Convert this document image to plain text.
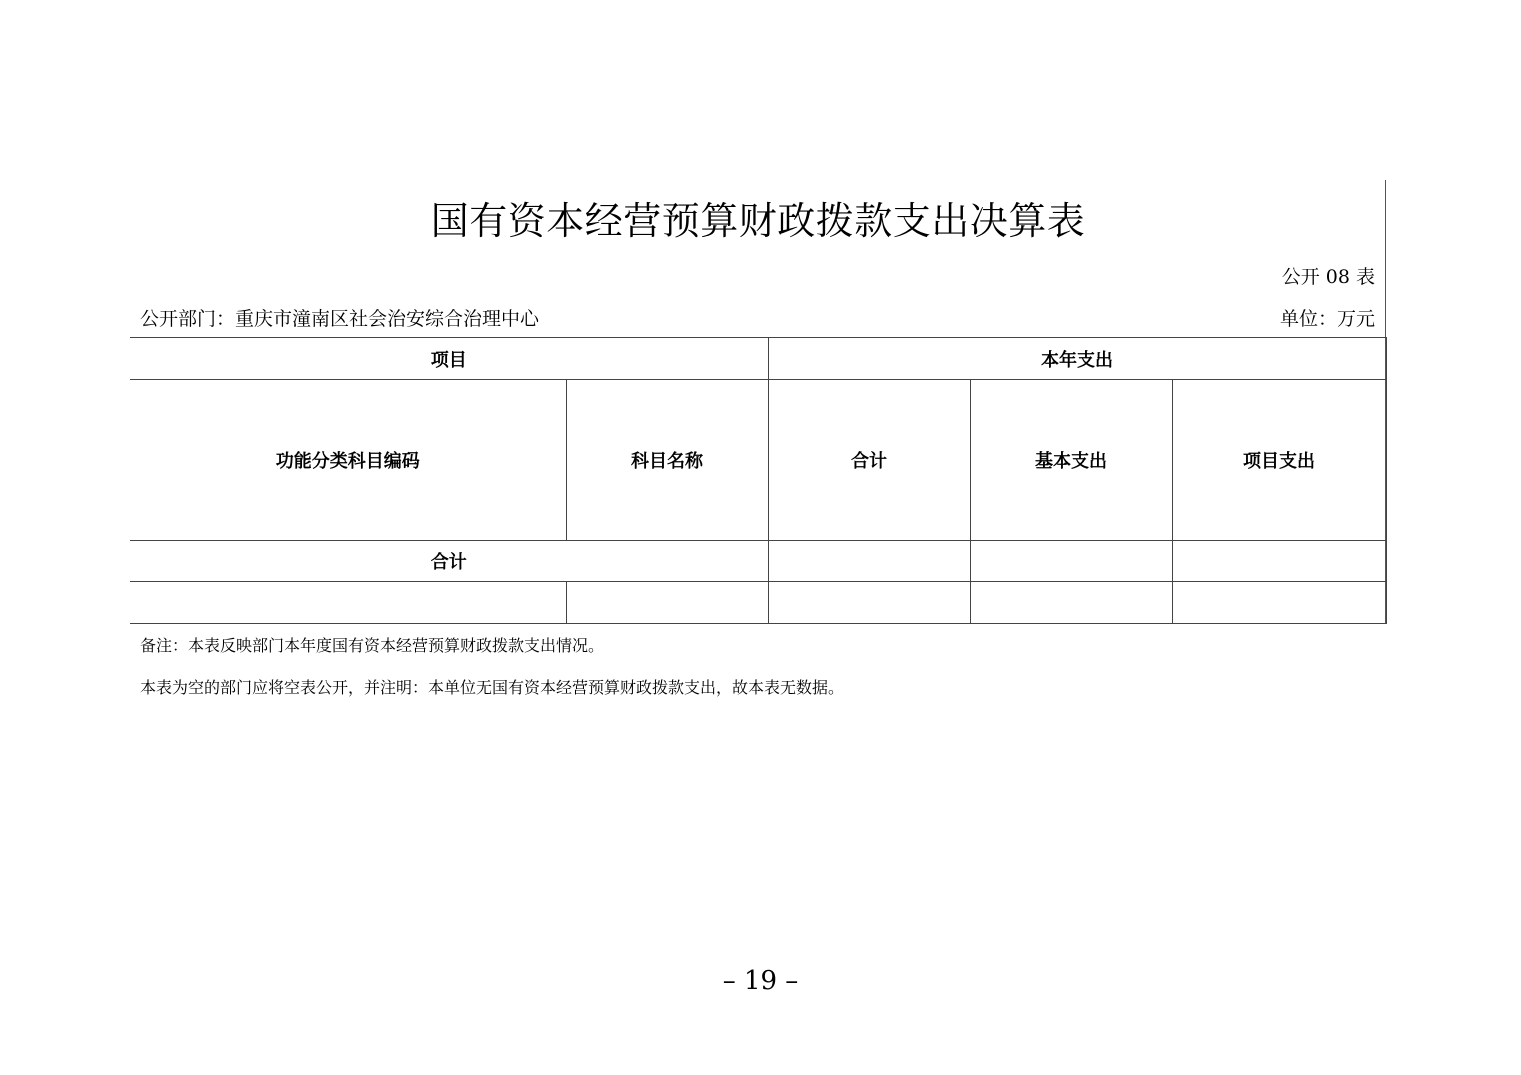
国有资本经营预算财政拨款支出决算表
公开 08 表
公开部门：重庆市潼南区社会治安综合治理中心	单位：万元
项目		本年支出		
功能分类科目编码	科目名称	合计	基本支出	项目支出
合计				

备注：本表反映部门本年度国有资本经营预算财政拨款支出情况。
本表为空的部门应将空表公开，并注明：本单位无国有资本经营预算财政拨款支出，故本表无数据。
– 19 –
